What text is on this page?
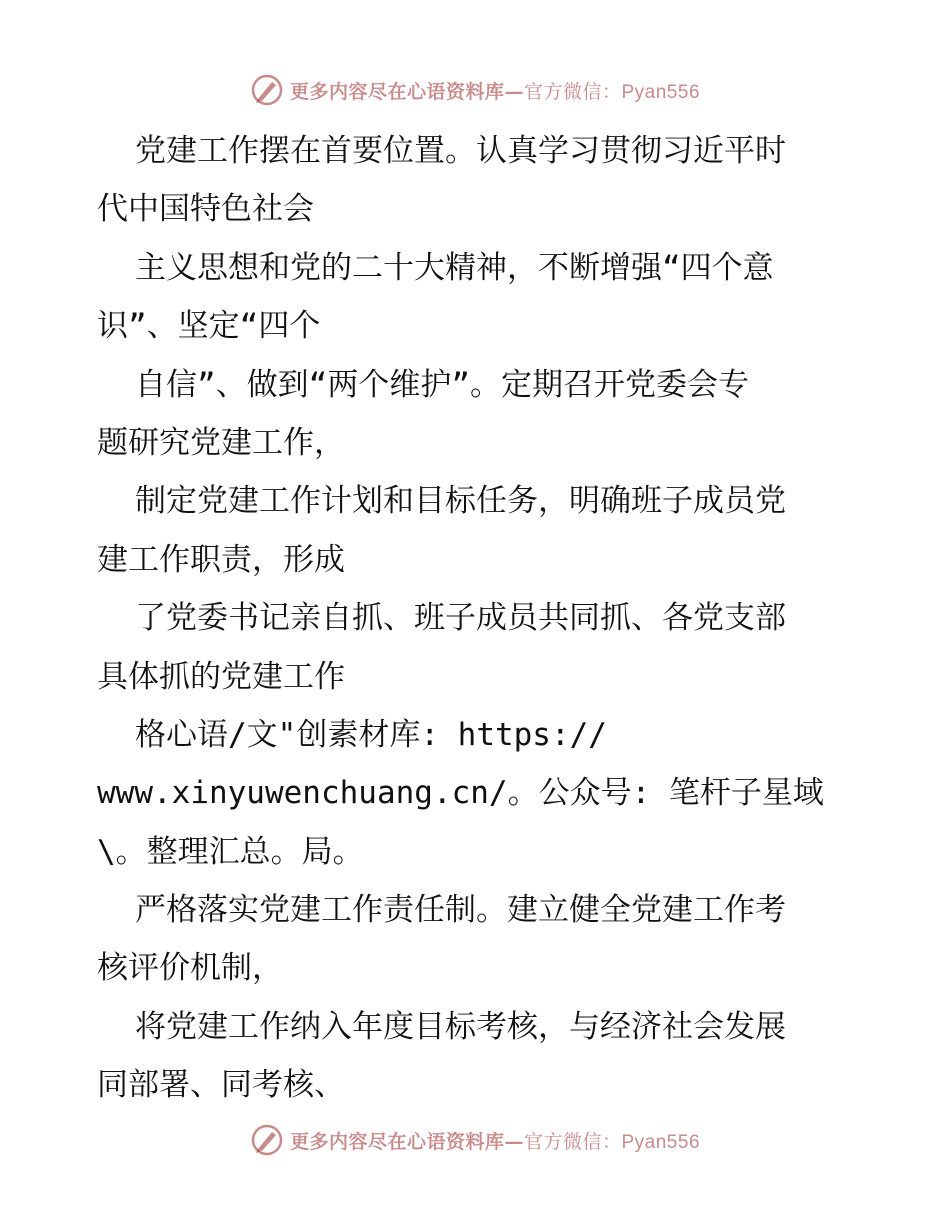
更多内容尽在心语资料库— 官方微信：Pyan556
党建工作摆在首要位置。认真学习贯彻习近平时
代中国特色社会
主义思想和党的二十大精神，不断增强“四个意
识”、坚定“四个
自信”、做到“两个维护”。定期召开党委会专
题研究党建工作，
制定党建工作计划和目标任务，明确班子成员党
建工作职责，形成
了党委书记亲自抓、班子成员共同抓、各党支部
具体抓的党建工作
格心语/文"创素材库: https://
www.xinyuwenchuang.cn/。公众号: 笔杆子星域
\。整理汇总。局。
严格落实党建工作责任制。建立健全党建工作考
核评价机制，
将党建工作纳入年度目标考核，与经济社会发展
同部署、同考核、
更多内容尽在心语资料库— 官方微信：Pyan556
